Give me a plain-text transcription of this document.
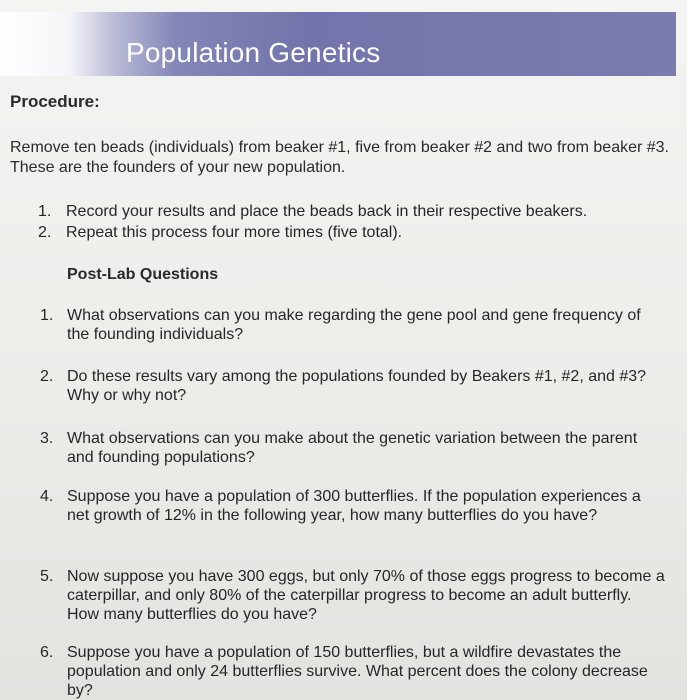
Population Genetics
Procedure:
Remove ten beads (individuals) from beaker #1, five from beaker #2 and two from beaker #3. These are the founders of your new population.
1. Record your results and place the beads back in their respective beakers.
2. Repeat this process four more times (five total).
Post-Lab Questions
1. What observations can you make regarding the gene pool and gene frequency of the founding individuals?
2. Do these results vary among the populations founded by Beakers #1, #2, and #3? Why or why not?
3. What observations can you make about the genetic variation between the parent and founding populations?
4. Suppose you have a population of 300 butterflies. If the population experiences a net growth of 12% in the following year, how many butterflies do you have?
5. Now suppose you have 300 eggs, but only 70% of those eggs progress to become a caterpillar, and only 80% of the caterpillar progress to become an adult butterfly. How many butterflies do you have?
6. Suppose you have a population of 150 butterflies, but a wildfire devastates the population and only 24 butterflies survive. What percent does the colony decrease by?
